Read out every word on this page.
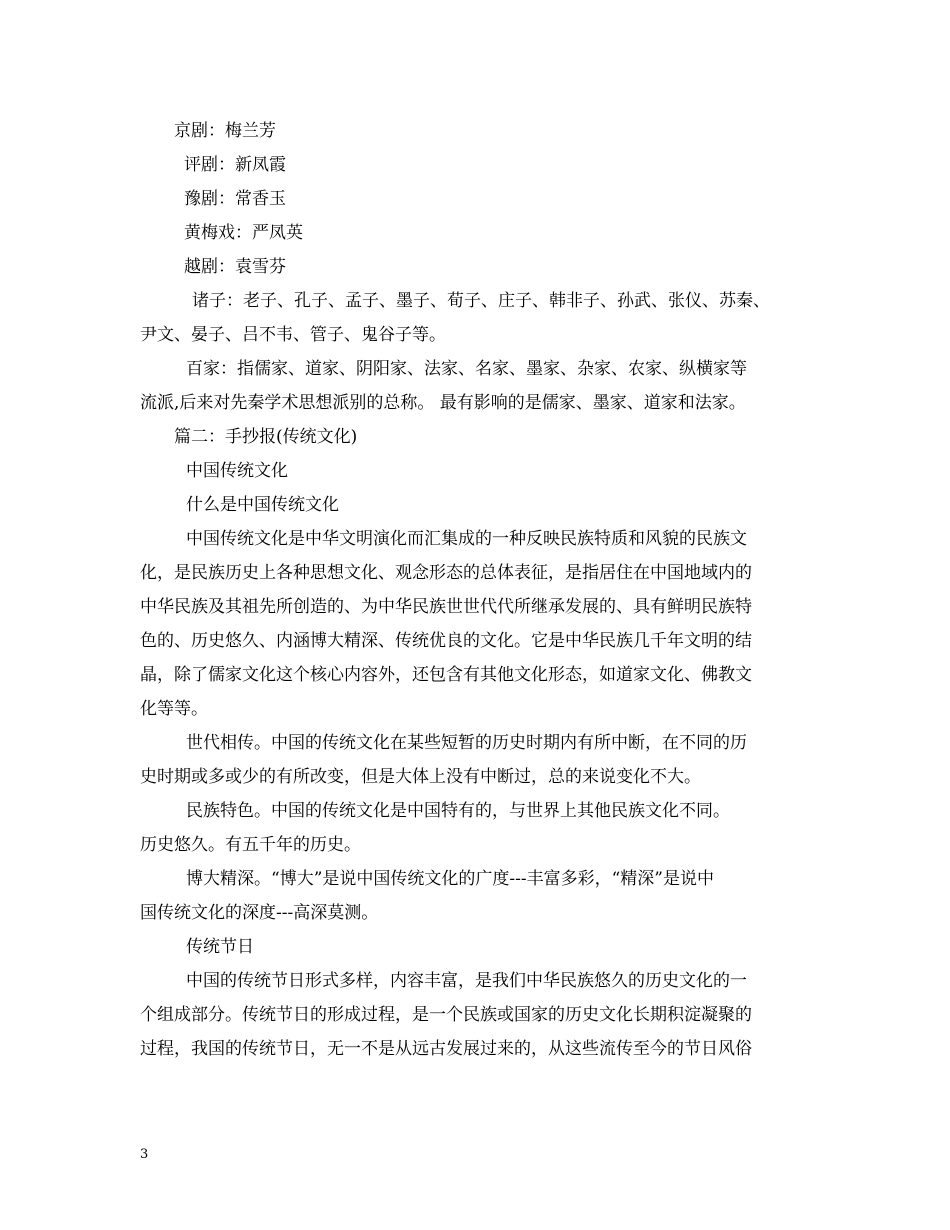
京剧：梅兰芳
评剧：新凤霞
豫剧：常香玉
黄梅戏：严凤英
越剧：袁雪芬
诸子：老子、孔子、孟子、墨子、荀子、庄子、韩非子、孙武、张仪、苏秦、
尹文、晏子、吕不韦、管子、鬼谷子等。
百家：指儒家、道家、阴阳家、法家、名家、墨家、杂家、农家、纵横家等
流派,后来对先秦学术思想派别的总称。 最有影响的是儒家、墨家、道家和法家。
篇二：手抄报(传统文化)
中国传统文化
什么是中国传统文化
中国传统文化是中华文明演化而汇集成的一种反映民族特质和风貌的民族文
化，是民族历史上各种思想文化、观念形态的总体表征，是指居住在中国地域内的
中华民族及其祖先所创造的、为中华民族世世代代所继承发展的、具有鲜明民族特
色的、历史悠久、内涵博大精深、传统优良的文化。它是中华民族几千年文明的结
晶，除了儒家文化这个核心内容外，还包含有其他文化形态，如道家文化、佛教文
化等等。
世代相传。中国的传统文化在某些短暂的历史时期内有所中断，在不同的历
史时期或多或少的有所改变，但是大体上没有中断过，总的来说变化不大。
民族特色。中国的传统文化是中国特有的，与世界上其他民族文化不同。
历史悠久。有五千年的历史。
博大精深。“博大”是说中国传统文化的广度---丰富多彩，“精深”是说中
国传统文化的深度---高深莫测。
传统节日
中国的传统节日形式多样，内容丰富，是我们中华民族悠久的历史文化的一
个组成部分。传统节日的形成过程，是一个民族或国家的历史文化长期积淀凝聚的
过程，我国的传统节日，无一不是从远古发展过来的，从这些流传至今的节日风俗
3
